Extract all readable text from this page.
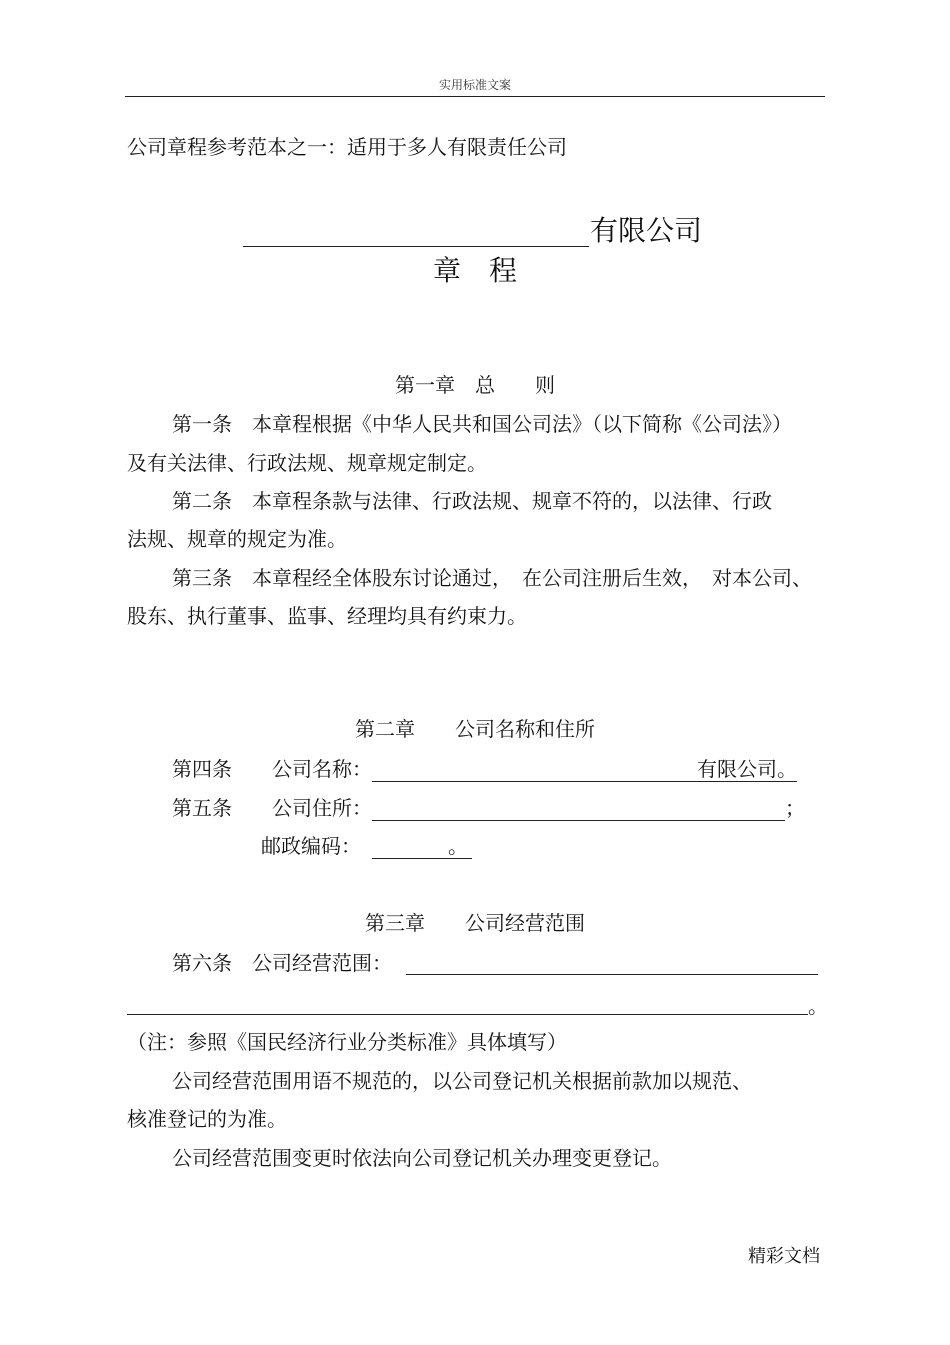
实用标准文案
公司章程参考范本之一：适用于多人有限责任公司
有限公司
章　程
第一章　总　　则
第一条　本章程根据《中华人民共和国公司法》（以下简称《公司法》）
及有关法律、行政法规、规章规定制定。
第二条　本章程条款与法律、行政法规、规章不符的，以法律、行政
法规、规章的规定为准。
第三条　本章程经全体股东讨论通过，　在公司注册后生效，　对本公司、
股东、执行董事、监事、经理均具有约束力。
第二章　　公司名称和住所
第四条　　公司名称：	有限公司。
第五条　　公司住所：	；
邮政编码：	。
第三章　　公司经营范围
第六条　公司经营范围：
。
（注：参照《国民经济行业分类标准》具体填写）
公司经营范围用语不规范的，以公司登记机关根据前款加以规范、
核准登记的为准。
公司经营范围变更时依法向公司登记机关办理变更登记。
精彩文档
